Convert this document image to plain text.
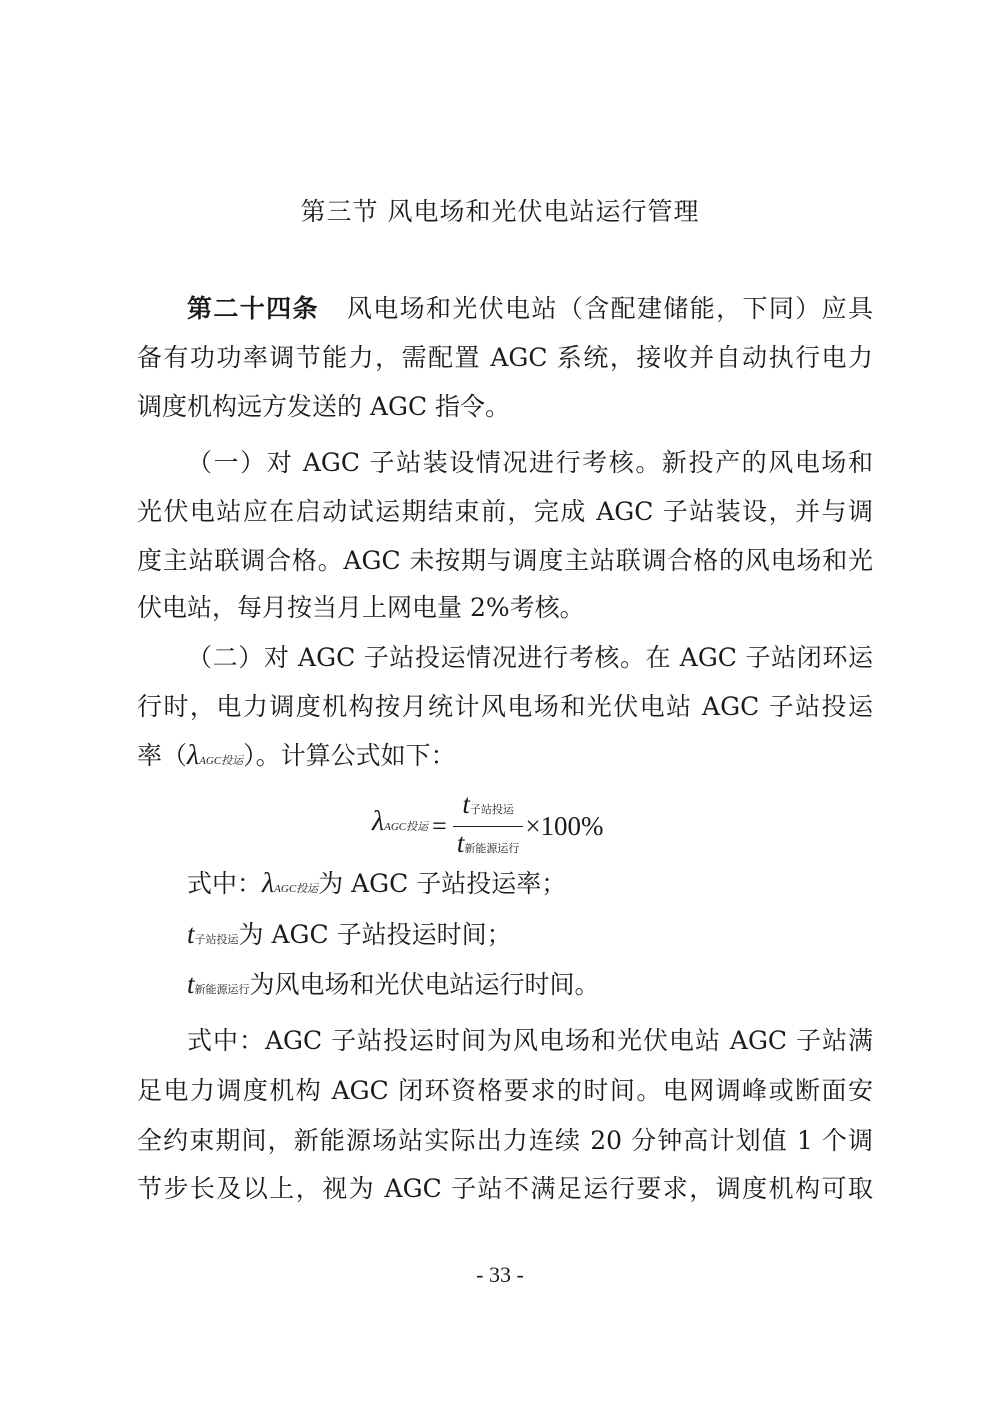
第三节 风电场和光伏电站运行管理
第二十四条 风电场和光伏电站（含配建储能，下同）应具
备有功功率调节能力，需配置 AGC 系统，接收并自动执行电力
调度机构远方发送的 AGC 指令。
（一）对 AGC 子站装设情况进行考核。新投产的风电场和
光伏电站应在启动试运期结束前，完成 AGC 子站装设，并与调
度主站联调合格。AGC 未按期与调度主站联调合格的风电场和光
伏电站，每月按当月上网电量 2%考核。
（二）对 AGC 子站投运情况进行考核。在 AGC 子站闭环运
行时，电力调度机构按月统计风电场和光伏电站 AGC 子站投运
率（λAGC投运）。计算公式如下：
λAGC投运 = $\frac{\text{t子站投运}}{\text{t新能源运行}} \times 100\%$
式中：λAGC投运为 AGC 子站投运率；
t子站投运为 AGC 子站投运时间；
t新能源运行为风电场和光伏电站运行时间。
式中：AGC 子站投运时间为风电场和光伏电站 AGC 子站满
足电力调度机构 AGC 闭环资格要求的时间。电网调峰或断面安
全约束期间，新能源场站实际出力连续 20 分钟高计划值 1 个调
节步长及以上，视为 AGC 子站不满足运行要求，调度机构可取
- 33 -
